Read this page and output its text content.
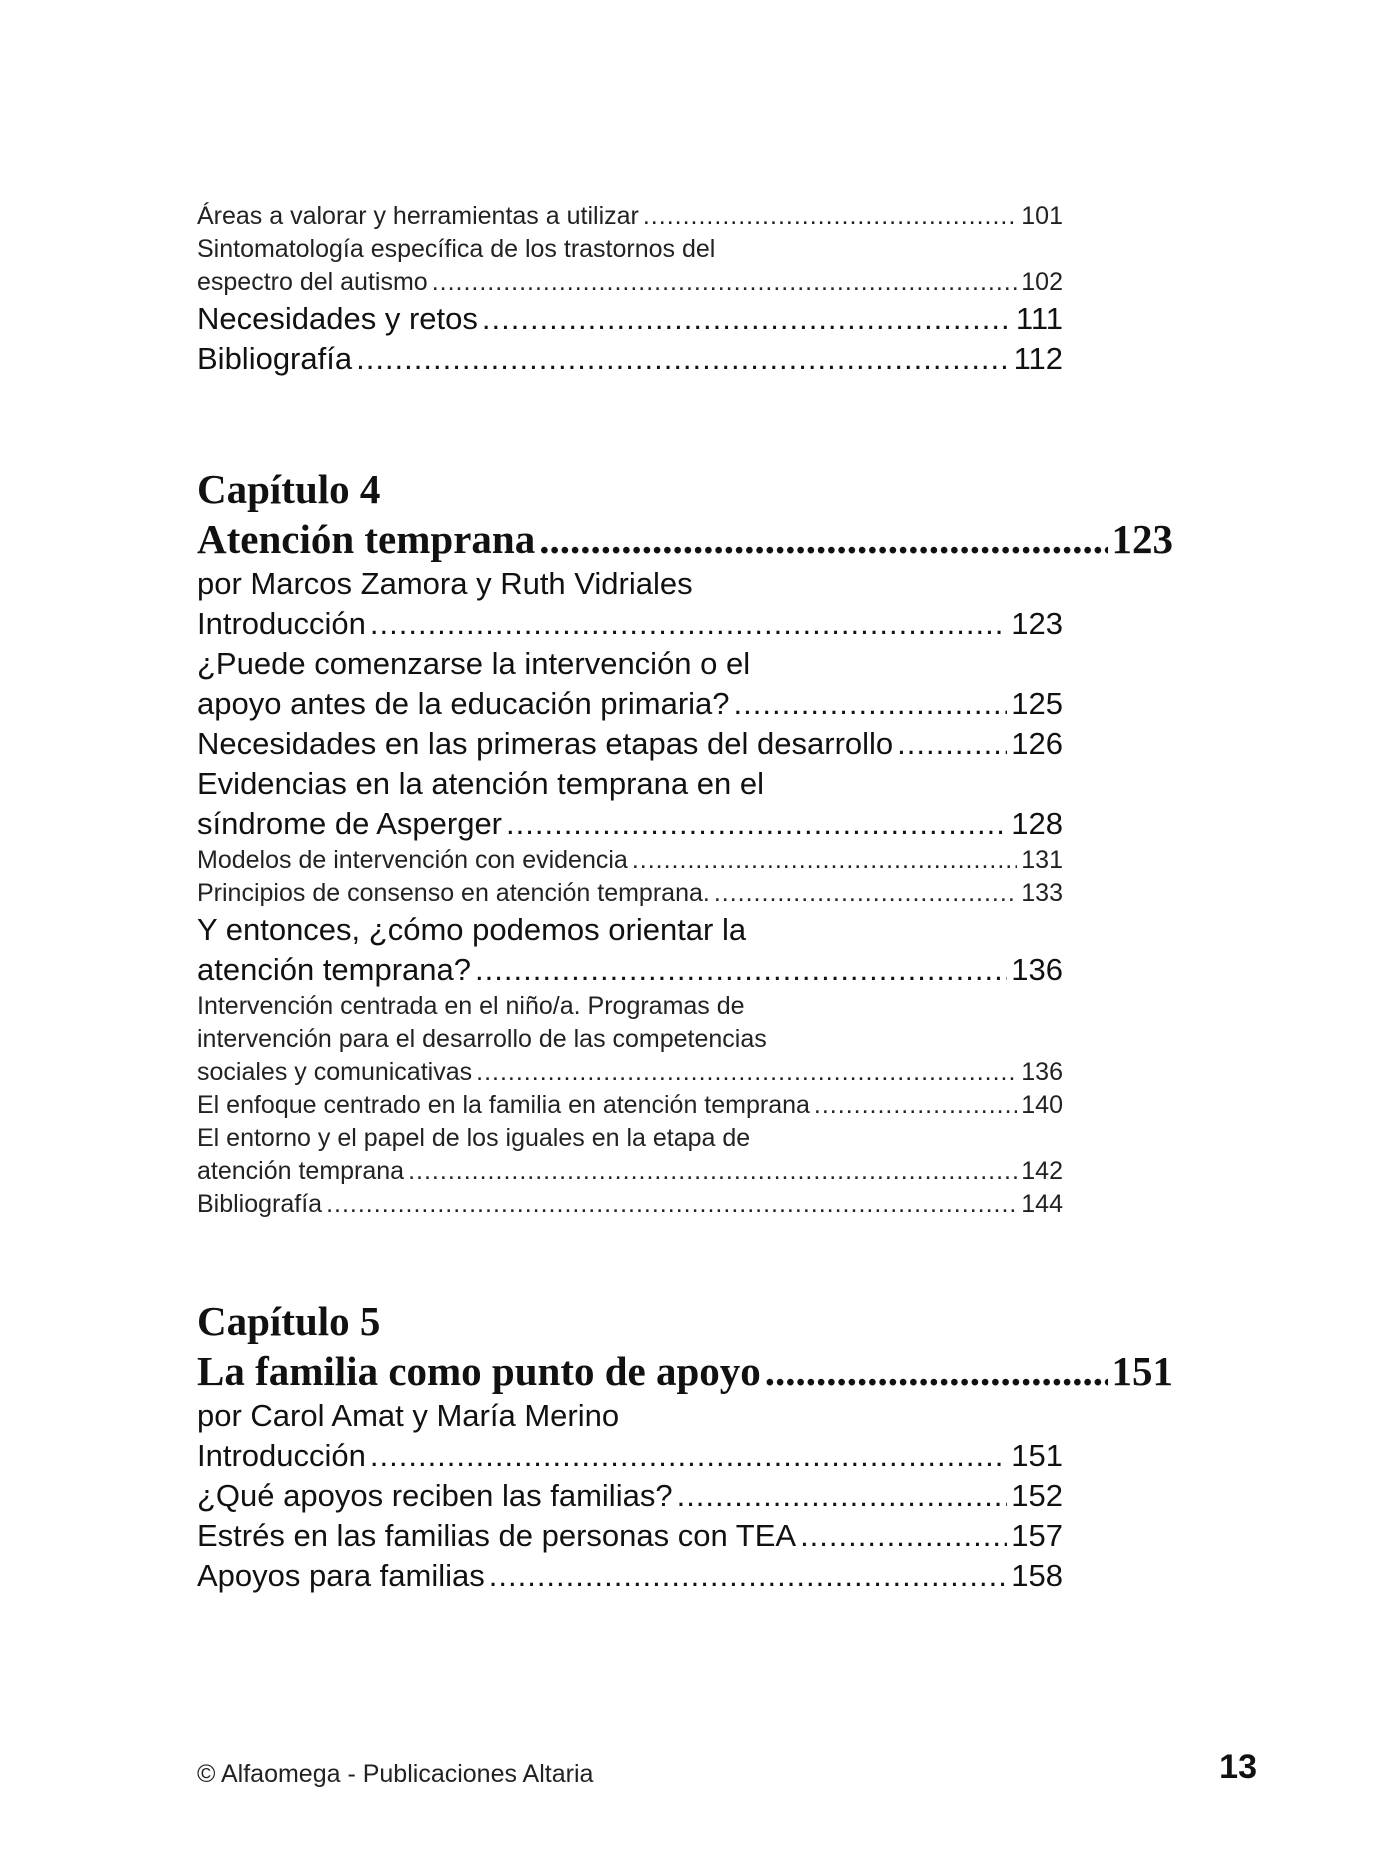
Áreas a valorar y herramientas a utilizar .....	101
Sintomatología específica de los trastornos del
espectro del autismo .....	102
Necesidades y retos .....	111
Bibliografía .....	112
Capítulo 4
Atención temprana .....	123
por Marcos Zamora y Ruth Vidriales
Introducción .....	123
¿Puede comenzarse la intervención o el
apoyo antes de la educación primaria? .....	125
Necesidades en las primeras etapas del desarrollo .....	126
Evidencias en la atención temprana en el
síndrome de Asperger .....	128
Modelos de intervención con evidencia .....	131
Principios de consenso en atención temprana. .....	133
Y entonces, ¿cómo podemos orientar la
atención temprana? .....	136
Intervención centrada en el niño/a. Programas de
intervención para el desarrollo de las competencias
sociales y comunicativas .....	136
El enfoque centrado en la familia en atención temprana .....	140
El entorno y el papel de los iguales en la etapa de
atención temprana .....	142
Bibliografía .....	144
Capítulo 5
La familia como punto de apoyo .....	151
por Carol Amat y María Merino
Introducción .....	151
¿Qué apoyos reciben las familias? .....	152
Estrés en las familias de personas con TEA .....	157
Apoyos para familias .....	158
© Alfaomega - Publicaciones Altaria	13
